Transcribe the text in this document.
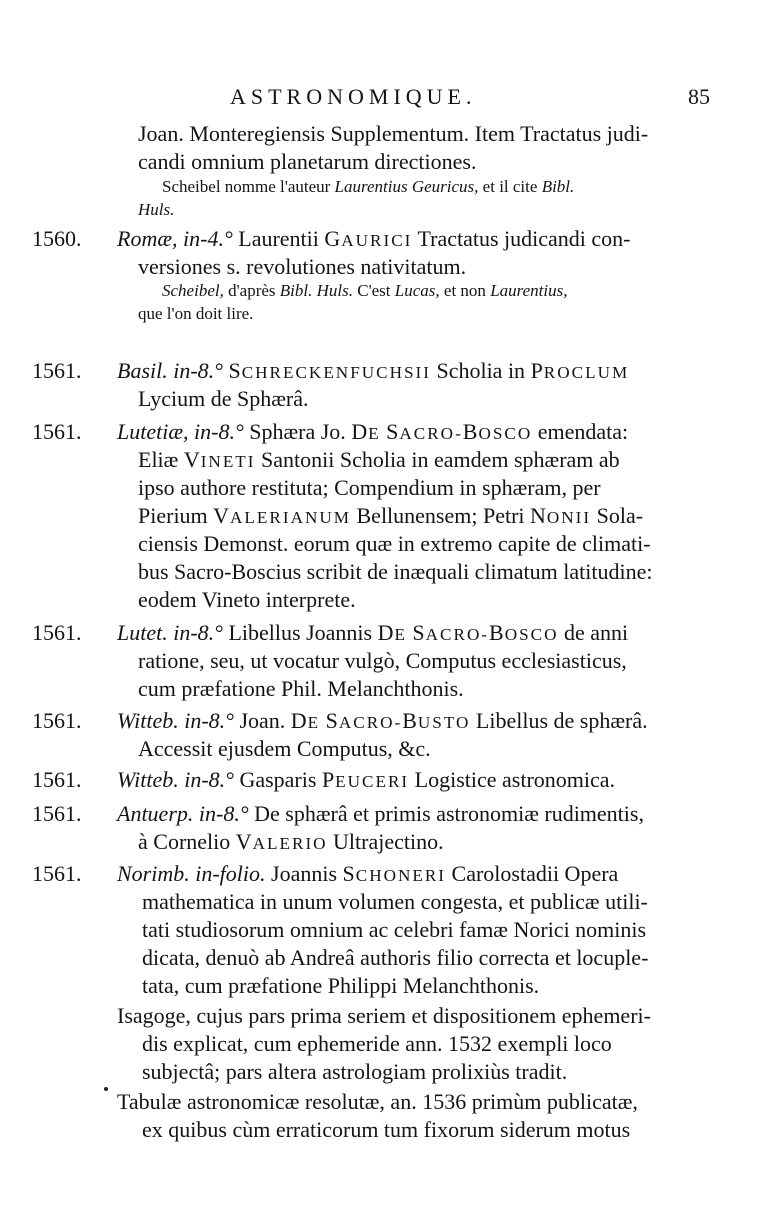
ASTRONOMIQUE.	85
Joan. Monteregiensis Supplementum. Item Tractatus judi-
candi omnium planetarum directiones.
Scheibel nomme l'auteur Laurentius Geuricus, et il cite Bibl.
Huls.
1560. Romæ, in-4.° Laurentii GAURICI Tractatus judicandi con-
versiones s. revolutiones nativitatum.
Scheibel, d'après Bibl. Huls. C'est Lucas, et non Laurentius,
que l'on doit lire.
1561. Basil. in-8.° SCHRECKENFUCHSII Scholia in PROCLUM
Lycium de Sphærâ.
1561. Lutetiæ, in-8.° Sphæra Jo. DE SACRO-BOSCO emendata:
Eliæ VINETI Santonii Scholia in eamdem sphæram ab
ipso authore restituta; Compendium in sphæram, per
Pierium VALERIANUM Bellunensem; Petri NONII Sola-
ciensis Demonst. eorum quæ in extremo capite de climati-
bus Sacro-Boscius scribit de inæquali climatum latitudine:
eodem Vineto interprete.
1561. Lutet. in-8.° Libellus Joannis DE SACRO-BOSCO de anni
ratione, seu, ut vocatur vulgò, Computus ecclesiasticus,
cum præfatione Phil. Melanchthonis.
1561. Witteb. in-8.° Joan. DE SACRO-BUSTO Libellus de sphærâ.
Accessit ejusdem Computus, &c.
1561. Witteb. in-8.° Gasparis PEUCERI Logistice astronomica.
1561. Antuerp. in-8.° De sphærâ et primis astronomiæ rudimentis,
à Cornelio VALERIO Ultrajectino.
1561. Norimb. in-folio. Joannis SCHONERI Carolostadii Opera
mathematica in unum volumen congesta, et publicæ utili-
tati studiosorum omnium ac celebri famæ Norici nominis
dicata, denuò ab Andreâ authoris filio correcta et locuple-
tata, cum præfatione Philippi Melanchthonis.
Isagoge, cujus pars prima seriem et dispositionem ephemeri-
dis explicat, cum ephemeride ann. 1532 exempli loco
subjectâ; pars altera astrologiam prolixiùs tradit.
Tabulæ astronomicæ resolutæ, an. 1536 primùm publicatæ,
ex quibus cùm erraticorum tum fixorum siderum motus
